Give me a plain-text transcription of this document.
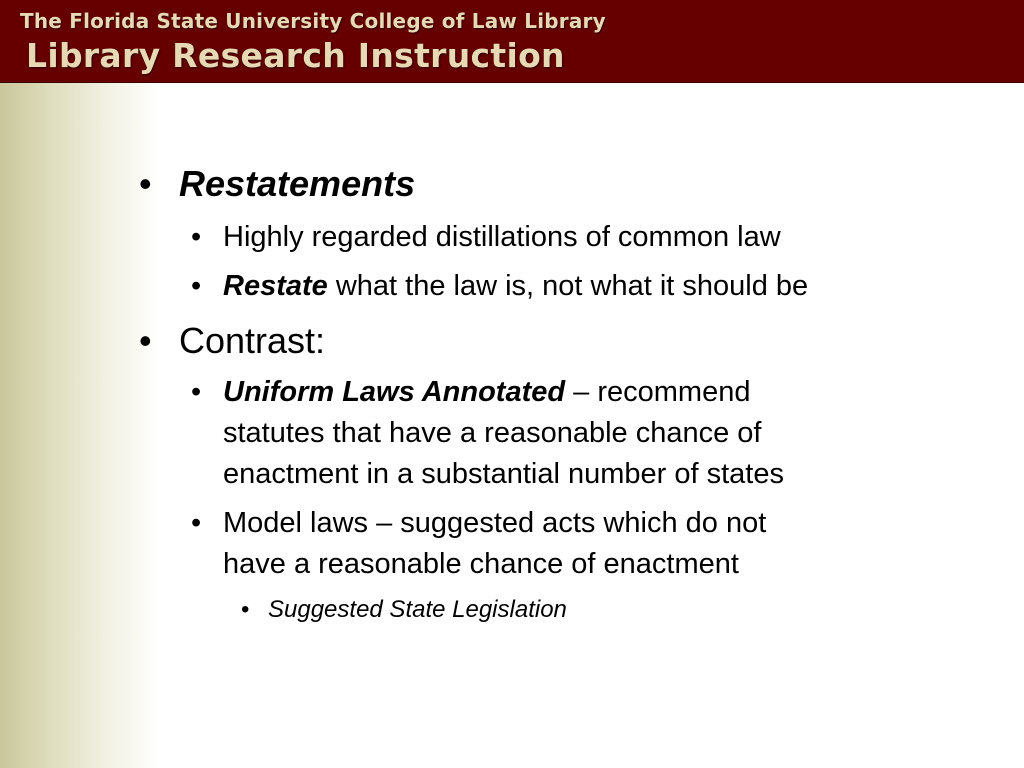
The Florida State University College of Law Library
Library Research Instruction
• Restatements
• Highly regarded distillations of common law
• Restate what the law is, not what it should be
• Contrast:
• Uniform Laws Annotated – recommend
statutes that have a reasonable chance of
enactment in a substantial number of states
• Model laws – suggested acts which do not
have a reasonable chance of enactment
• Suggested State Legislation
